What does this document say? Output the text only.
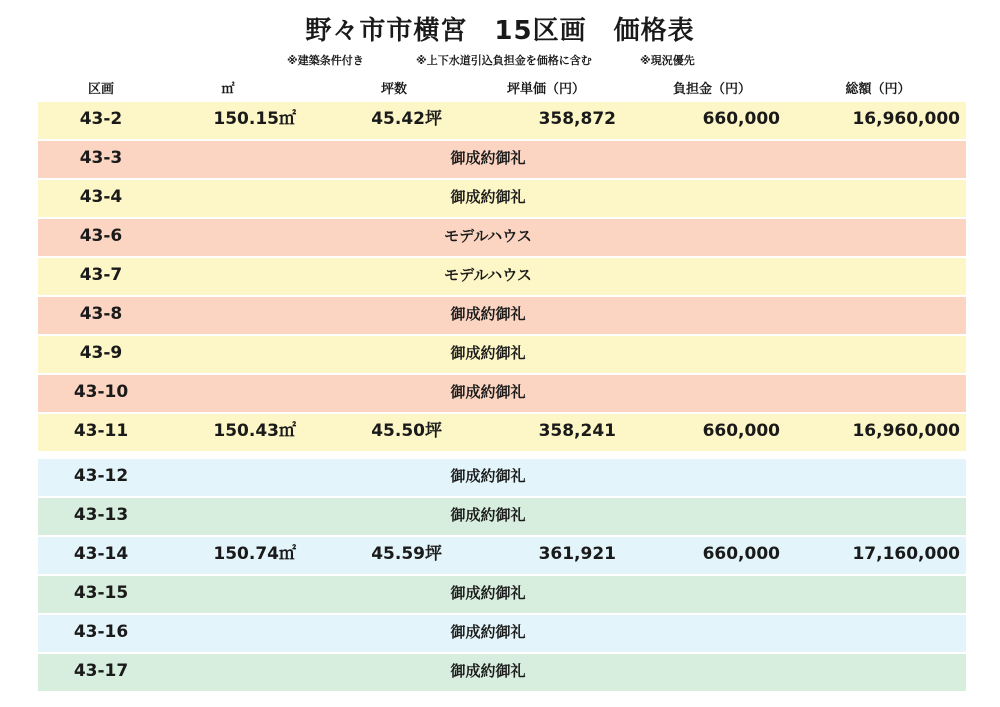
野々市市横宮　15区画　価格表
※建築条件付き	※上下水道引込負担金を価格に含む	※現況優先
区画	㎡	坪数	坪単価（円）	負担金（円）	総額（円）
43-2	150.15㎡	45.42坪	358,872	660,000	16,960,000
43-3	御成約御礼
43-4	御成約御礼
43-6	モデルハウス
43-7	モデルハウス
43-8	御成約御礼
43-9	御成約御礼
43-10	御成約御礼
43-11	150.43㎡	45.50坪	358,241	660,000	16,960,000
43-12	御成約御礼
43-13	御成約御礼
43-14	150.74㎡	45.59坪	361,921	660,000	17,160,000
43-15	御成約御礼
43-16	御成約御礼
43-17	御成約御礼
